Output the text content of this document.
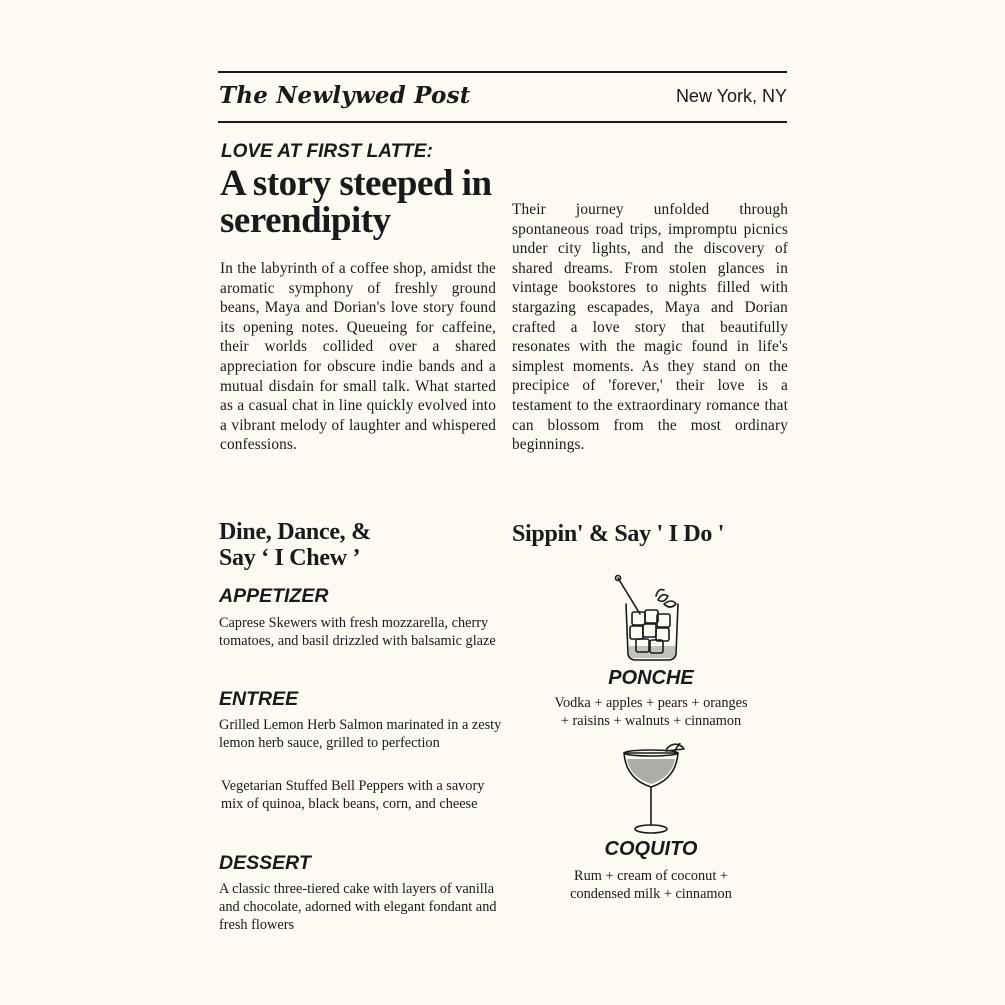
The Newlywed Post	New York, NY
LOVE AT FIRST LATTE:
A story steeped in serendipity
In the labyrinth of a coffee shop, amidst the aromatic symphony of freshly ground beans, Maya and Dorian's love story found its opening notes. Queueing for caffeine, their worlds collided over a shared appreciation for obscure indie bands and a mutual disdain for small talk. What started as a casual chat in line quickly evolved into a vibrant melody of laughter and whispered confessions.
Their journey unfolded through spontaneous road trips, impromptu picnics under city lights, and the discovery of shared dreams. From stolen glances in vintage bookstores to nights filled with stargazing escapades, Maya and Dorian crafted a love story that beautifully resonates with the magic found in life's simplest moments. As they stand on the precipice of 'forever,' their love is a testament to the extraordinary romance that can blossom from the most ordinary beginnings.
Dine, Dance, &
Say ‘ I Chew ’
APPETIZER
Caprese Skewers with fresh mozzarella, cherry tomatoes, and basil drizzled with balsamic glaze
ENTREE
Grilled Lemon Herb Salmon marinated in a zesty lemon herb sauce, grilled to perfection
Vegetarian Stuffed Bell Peppers with a savory mix of quinoa, black beans, corn, and cheese
DESSERT
A classic three-tiered cake with layers of vanilla and chocolate, adorned with elegant fondant and fresh flowers
Sippin' & Say ' I Do '
PONCHE
Vodka + apples + pears + oranges
+ raisins + walnuts + cinnamon
COQUITO
Rum + cream of coconut +
condensed milk + cinnamon
